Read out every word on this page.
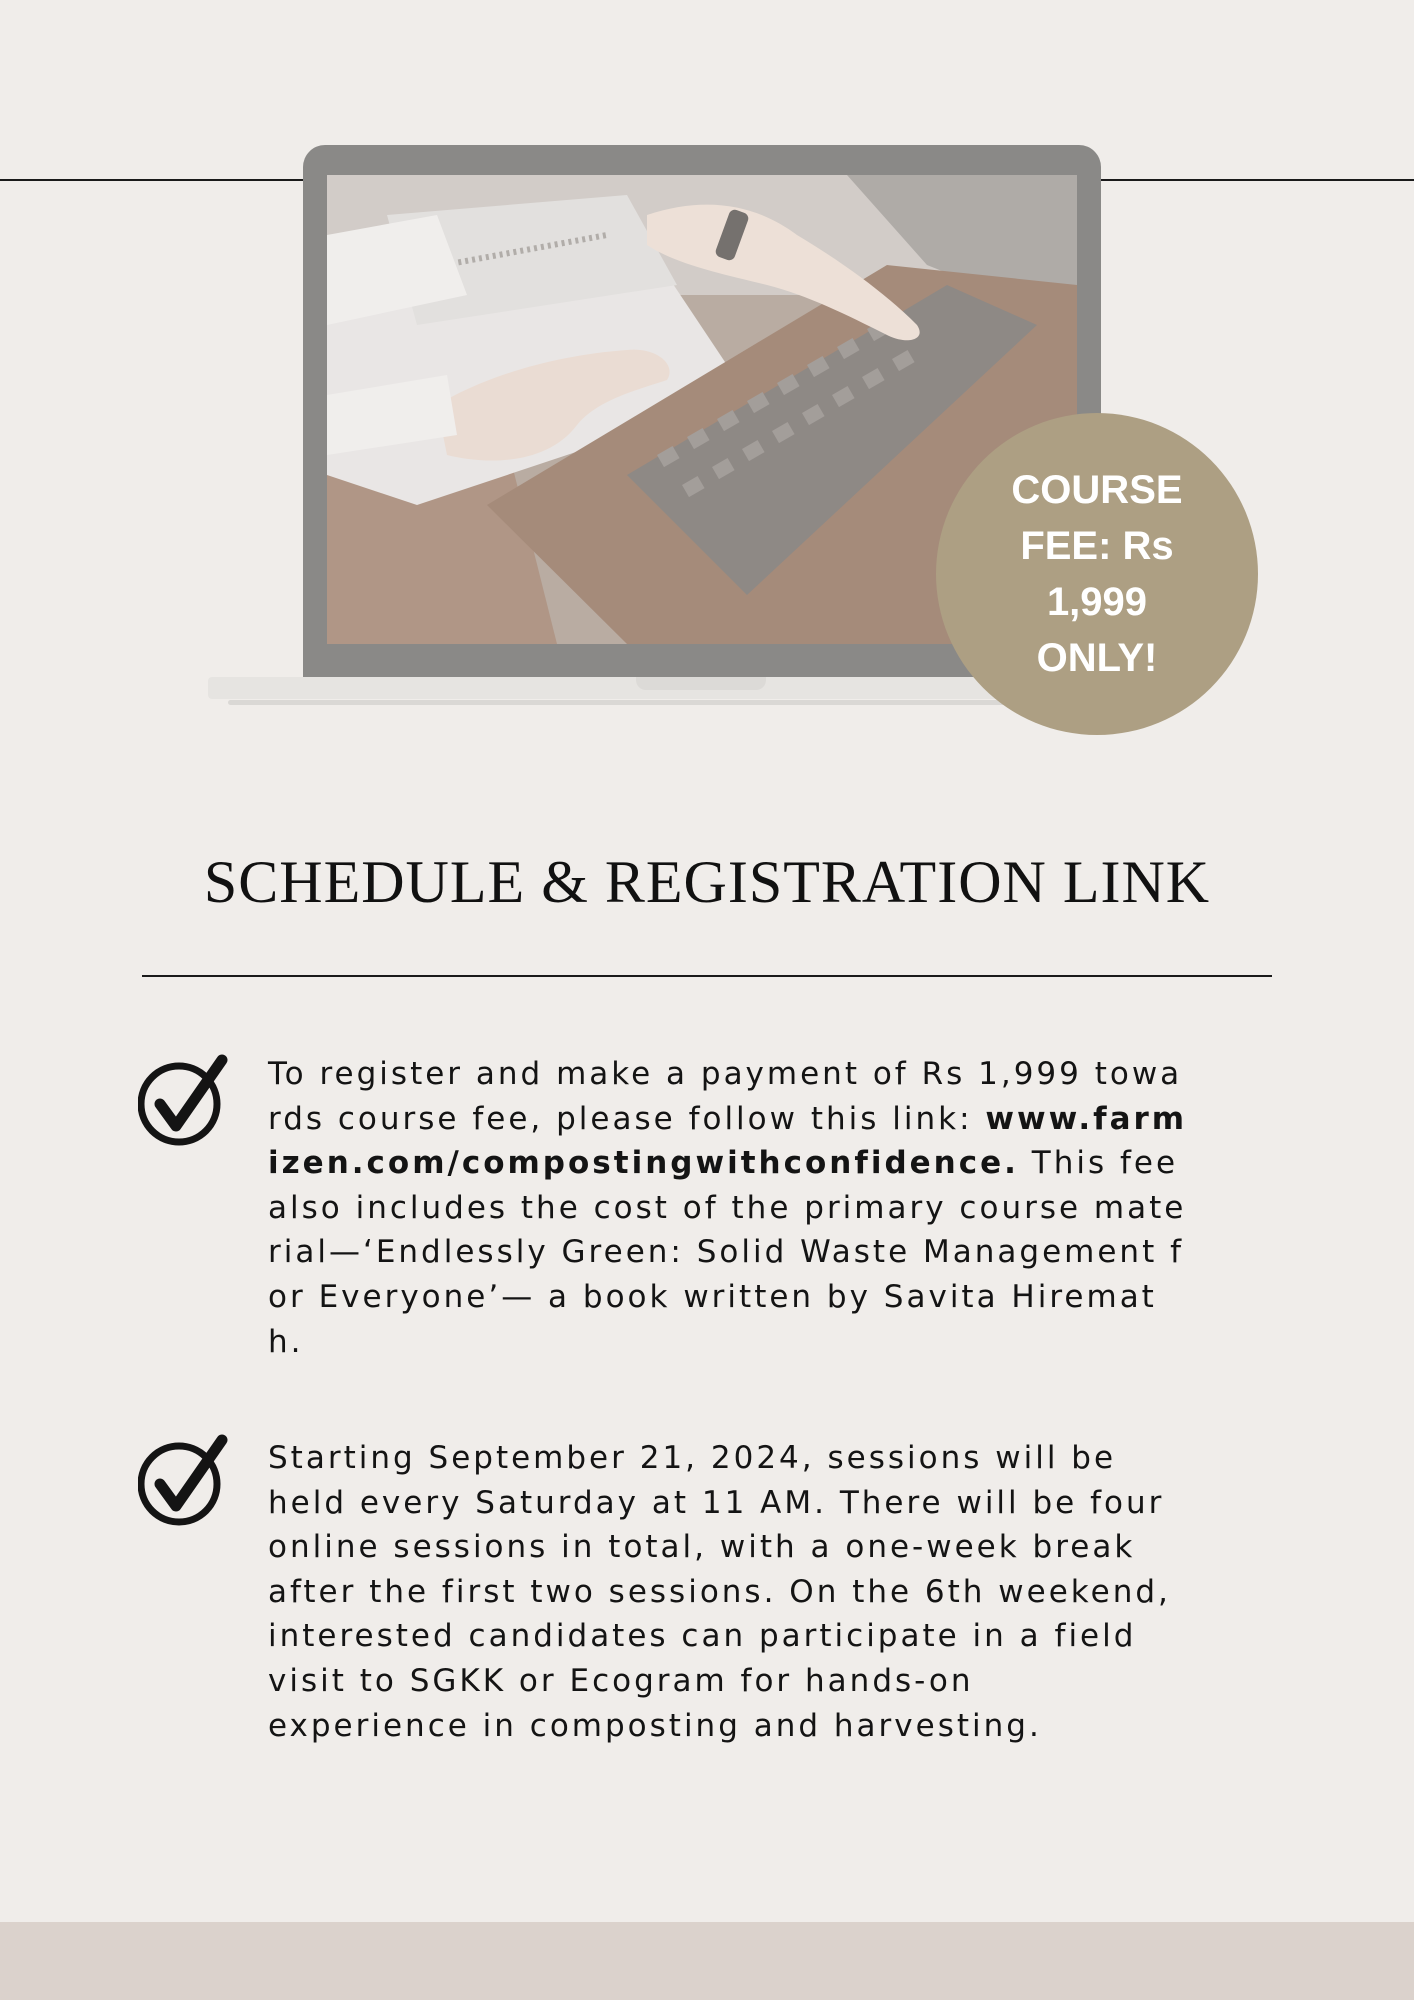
COURSE
FEE: Rs
1,999
ONLY!
SCHEDULE & REGISTRATION LINK
To register and make a payment of Rs 1,999 towards course fee, please follow this link: www.farmizen.com/compostingwithconfidence. This fee also includes the cost of the primary course material—‘Endlessly Green: Solid Waste Management for Everyone’— a book written by Savita Hiremath.
Starting September 21, 2024, sessions will be held every Saturday at 11 AM. There will be four online sessions in total, with a one-week break after the first two sessions. On the 6th weekend, interested candidates can participate in a field visit to SGKK or Ecogram for hands-on experience in composting and harvesting.
